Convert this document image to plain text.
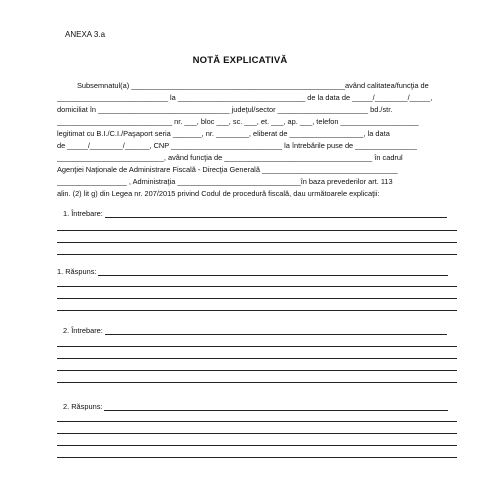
ANEXA 3.a
NOTĂ EXPLICATIVĂ
Subsemnatul(a) ____________________________________________________având calitatea/funcţia de
___________________________ la _______________________________ de la data de _____/________/_____,
domiciliat în ________________________________ judeţul/sector ______________________ bd./str.
____________________________ nr. ___, bloc ___, sc. ___, et. ___, ap. ___, telefon ___________________
legitimat cu B.I./C.I./Paşaport seria _______, nr. ________, eliberat de __________________, la data
de _____/________/______, CNP ___________________________ la întrebările puse de _______________
__________________________, având funcţia de ____________________________________ în cadrul
Agenţiei Naţionale de Administrare Fiscală - Direcţia Generală _________________________________
_________________ , Administraţia ______________________________în baza prevederilor art. 113
alin. (2) lit g) din Legea nr. 207/2015 privind Codul de procedură fiscală, dau următoarele explicaţii:
1. Întrebare:
1. Răspuns:
2. Întrebare:
2. Răspuns:
